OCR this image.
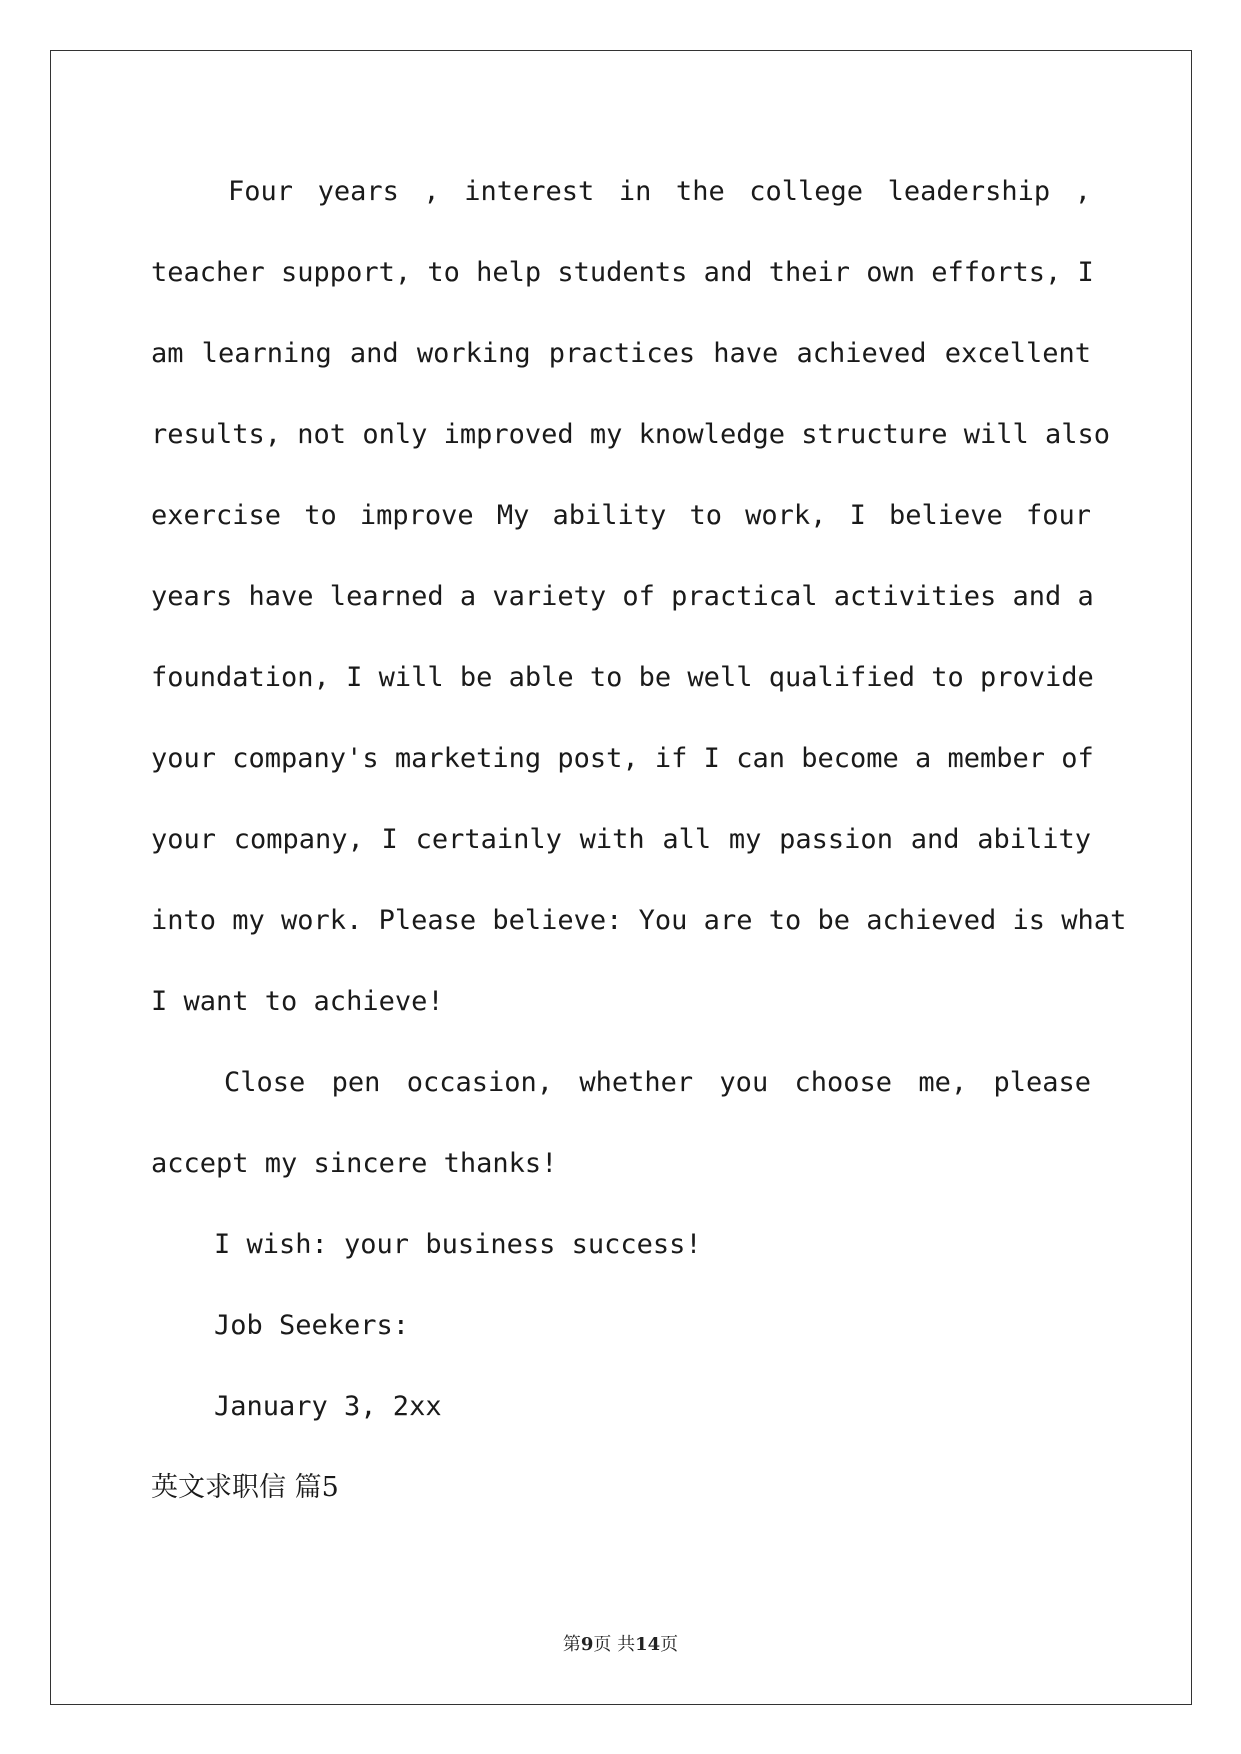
Four years , interest in the college leadership ,
teacher support, to help students and their own efforts, I
am learning and working practices have achieved excellent
results, not only improved my knowledge structure will also
exercise to improve My ability to work, I believe four
years have learned a variety of practical activities and a
foundation, I will be able to be well qualified to provide
your company's marketing post, if I can become a member of
your company, I certainly with all my passion and ability
into my work. Please believe: You are to be achieved is what
I want to achieve!
Close pen occasion, whether you choose me, please
accept my sincere thanks!
I wish: your business success!
Job Seekers:
January 3, 2xx
英文求职信 篇5
第9页 共14页
